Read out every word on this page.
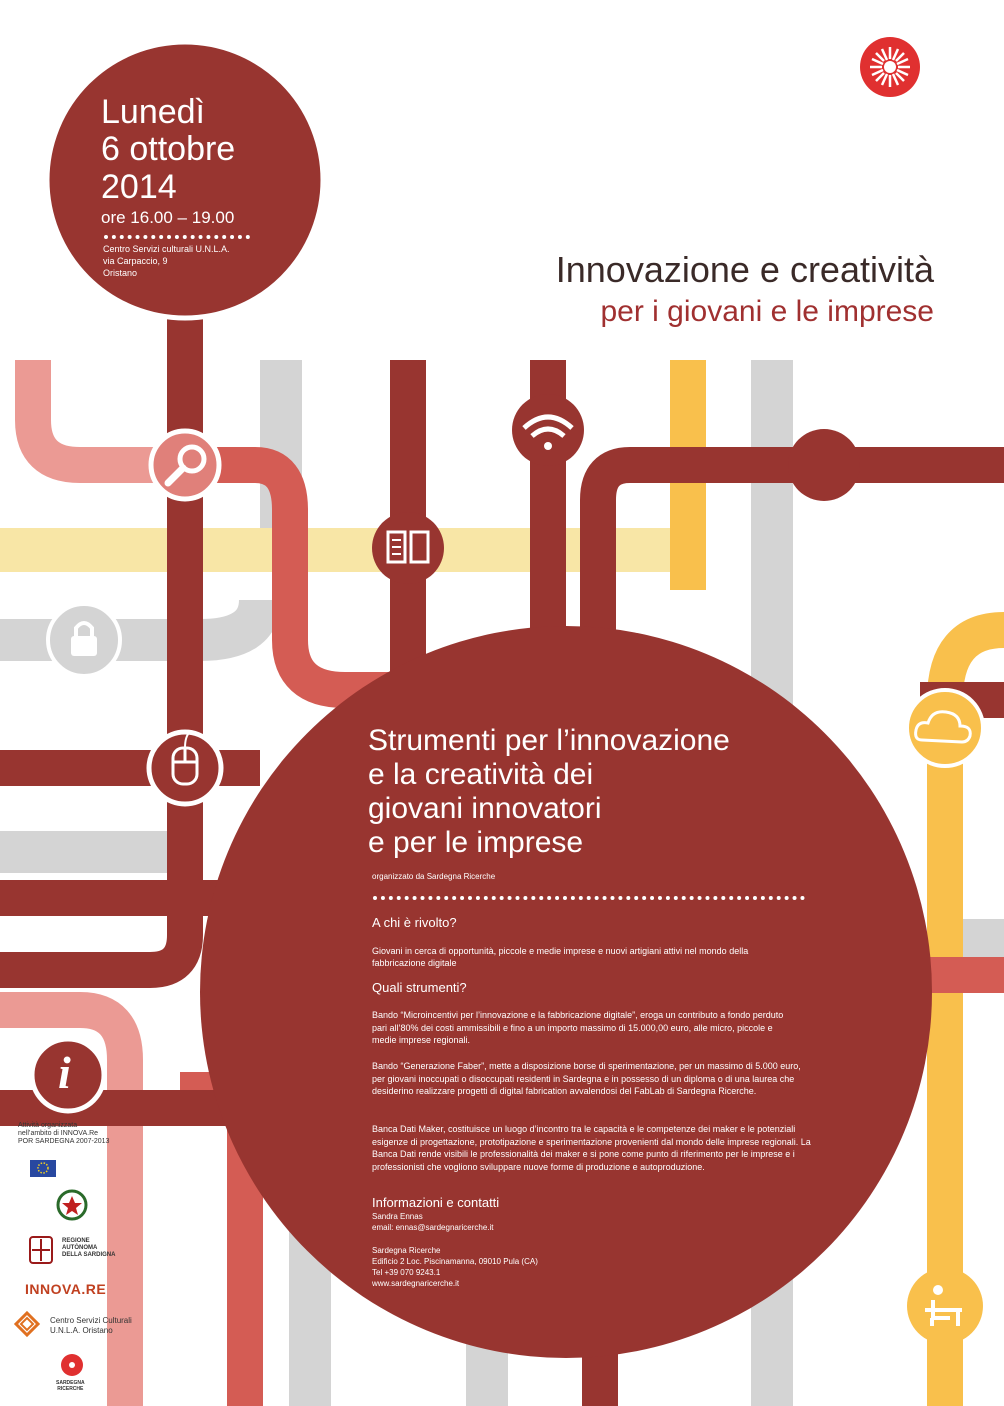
Lunedì

6 ottobre

2014

ore 16.00 – 19.00

Centro Servizi culturali U.N.L.A.

via Carpaccio, 9

Oristano	Innovazione e creatività

per i giovani e le imprese

Strumenti per l’innovazione

e la creatività dei

giovani innovatori

e per le imprese

organizzato da Sardegna Ricerche

A chi è rivolto?

Giovani in cerca di opportunità, piccole e medie imprese e nuovi artigiani attivi nel mondo della fabbricazione digitale

Quali strumenti?

Bando “Microincentivi per l’innovazione e la fabbricazione digitale”, eroga un contributo a fondo perduto pari all’80% dei costi ammissibili e fino a un importo massimo di 15.000,00 euro, alle micro, piccole e medie imprese regionali.

Bando “Generazione Faber”, mette a disposizione borse di sperimentazione, per un massimo di 5.000 euro, per giovani inoccupati o disoccupati residenti in Sardegna e in possesso di un diploma o di una laurea che desiderino realizzare progetti di digital fabrication avvalendosi del FabLab di Sardegna Ricerche.

Banca Dati Maker, costituisce un luogo d’incontro tra le capacità e le competenze dei maker e le potenziali esigenze di progettazione, prototipazione e sperimentazione provenienti dal mondo delle imprese regionali. La Banca Dati rende visibili le professionalità dei maker e si pone come punto di riferimento per le imprese e i professionisti che vogliono sviluppare nuove forme di produzione e autoproduzione.

Informazioni e contatti

Sandra Ennas

email: ennas@sardegnaricerche.it

Sardegna Ricerche

Edificio 2 Loc. Piscinamanna, 09010 Pula (CA)

Tel +39 070 9243.1

www.sardegnaricerche.it

i

Attività organizzata
nell’ambito di INNOVA.Re
POR SARDEGNA 2007-2013
REGIONE
AUTÒNOMA
DELLA SARDIGNA

INNOVA.RE

Centro Servizi Culturali
U.N.L.A. Oristano
SARDEGNA
RICERCHE
